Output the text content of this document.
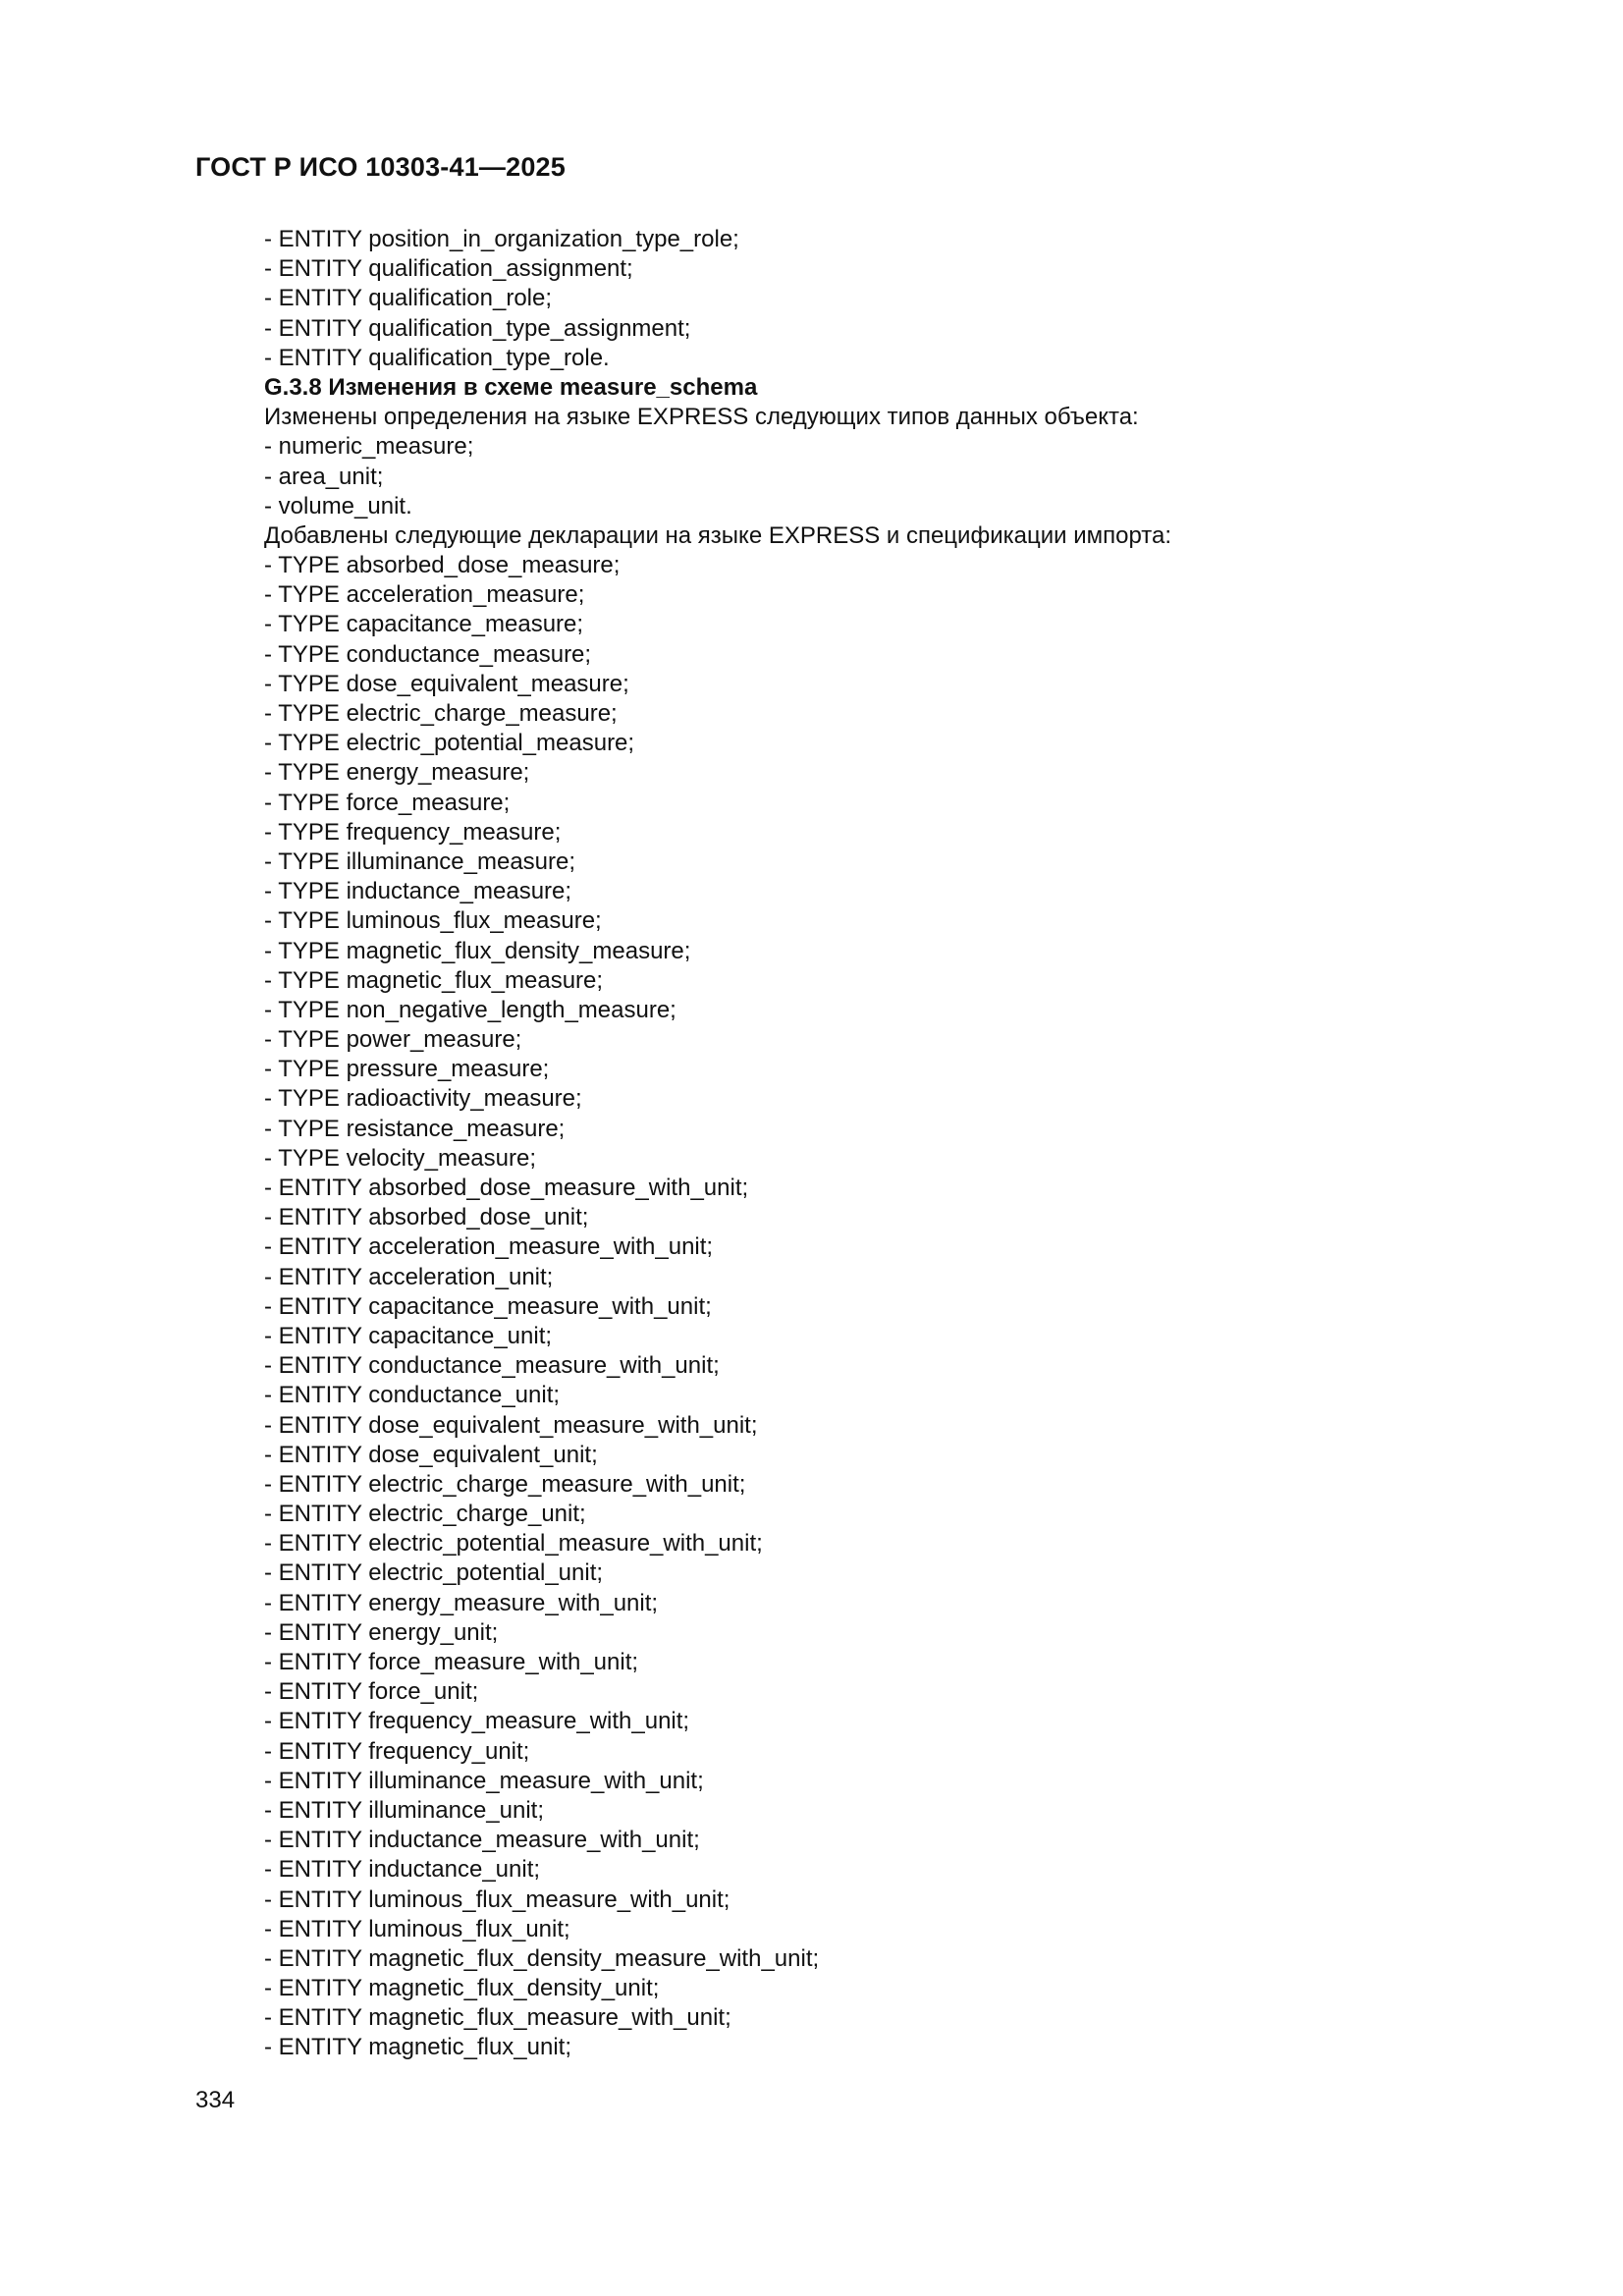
ГОСТ Р ИСО 10303-41—2025

- ENTITY position_in_organization_type_role;

- ENTITY qualification_assignment;

- ENTITY qualification_role;

- ENTITY qualification_type_assignment;

- ENTITY qualification_type_role.

G.3.8 Изменения в схеме measure_schema

Изменены определения на языке EXPRESS следующих типов данных объекта:

- numeric_measure;

- area_unit;

- volume_unit.

Добавлены следующие декларации на языке EXPRESS и спецификации импорта:

- TYPE absorbed_dose_measure;

- TYPE acceleration_measure;

- TYPE capacitance_measure;

- TYPE conductance_measure;

- TYPE dose_equivalent_measure;

- TYPE electric_charge_measure;

- TYPE electric_potential_measure;

- TYPE energy_measure;

- TYPE force_measure;

- TYPE frequency_measure;

- TYPE illuminance_measure;

- TYPE inductance_measure;

- TYPE luminous_flux_measure;

- TYPE magnetic_flux_density_measure;

- TYPE magnetic_flux_measure;

- TYPE non_negative_length_measure;

- TYPE power_measure;

- TYPE pressure_measure;

- TYPE radioactivity_measure;

- TYPE resistance_measure;

- TYPE velocity_measure;

- ENTITY absorbed_dose_measure_with_unit;

- ENTITY absorbed_dose_unit;

- ENTITY acceleration_measure_with_unit;

- ENTITY acceleration_unit;

- ENTITY capacitance_measure_with_unit;

- ENTITY capacitance_unit;

- ENTITY conductance_measure_with_unit;

- ENTITY conductance_unit;

- ENTITY dose_equivalent_measure_with_unit;

- ENTITY dose_equivalent_unit;

- ENTITY electric_charge_measure_with_unit;

- ENTITY electric_charge_unit;

- ENTITY electric_potential_measure_with_unit;

- ENTITY electric_potential_unit;

- ENTITY energy_measure_with_unit;

- ENTITY energy_unit;

- ENTITY force_measure_with_unit;

- ENTITY force_unit;

- ENTITY frequency_measure_with_unit;

- ENTITY frequency_unit;

- ENTITY illuminance_measure_with_unit;

- ENTITY illuminance_unit;

- ENTITY inductance_measure_with_unit;

- ENTITY inductance_unit;

- ENTITY luminous_flux_measure_with_unit;

- ENTITY luminous_flux_unit;

- ENTITY magnetic_flux_density_measure_with_unit;

- ENTITY magnetic_flux_density_unit;

- ENTITY magnetic_flux_measure_with_unit;

- ENTITY magnetic_flux_unit;

334
